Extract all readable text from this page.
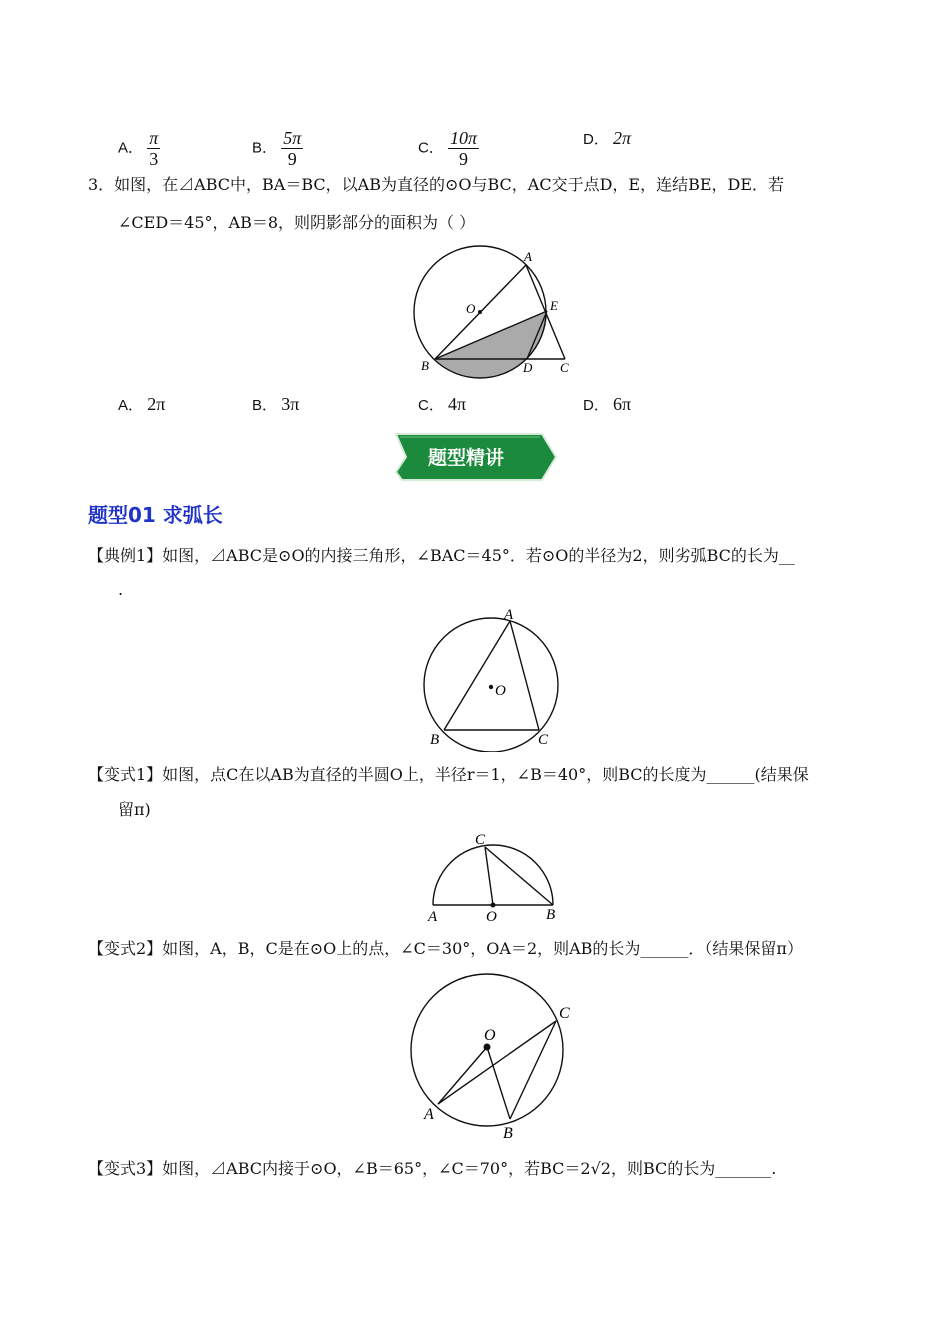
A． $\frac{\pi}{3}$	B． $\frac{5\pi}{9}$	C． $\frac{10\pi}{9}$	D． 2π
3．如图，在⊿ABC中，BA＝BC，以AB为直径的⊙O与BC，AC交于点D，E，连结BE，DE．若
∠CED＝45°，AB＝8，则阴影部分的面积为（ ）
A
O	E
B	D C
A． 2π	B． 3π	C． 4π	D． 6π
题型精讲
题型01 求弧长
【典例1】如图，⊿ABC是⊙O的内接三角形，∠BAC＝45°．若⊙O的半径为2，则劣弧BC的长为__
.
A
O
B	C
【变式1】如图，点C在以AB为直径的半圆O上，半径r＝1，∠B＝40°，则BC的长度为______(结果保
留π)
C
A	O	B
【变式2】如图，A，B，C是在⊙O上的点，∠C＝30°，OA＝2，则AB的长为______．（结果保留π）
O
C
A
B
【变式3】如图，⊿ABC内接于⊙O，∠B＝65°，∠C＝70°，若BC＝2√2，则BC的长为_______.
